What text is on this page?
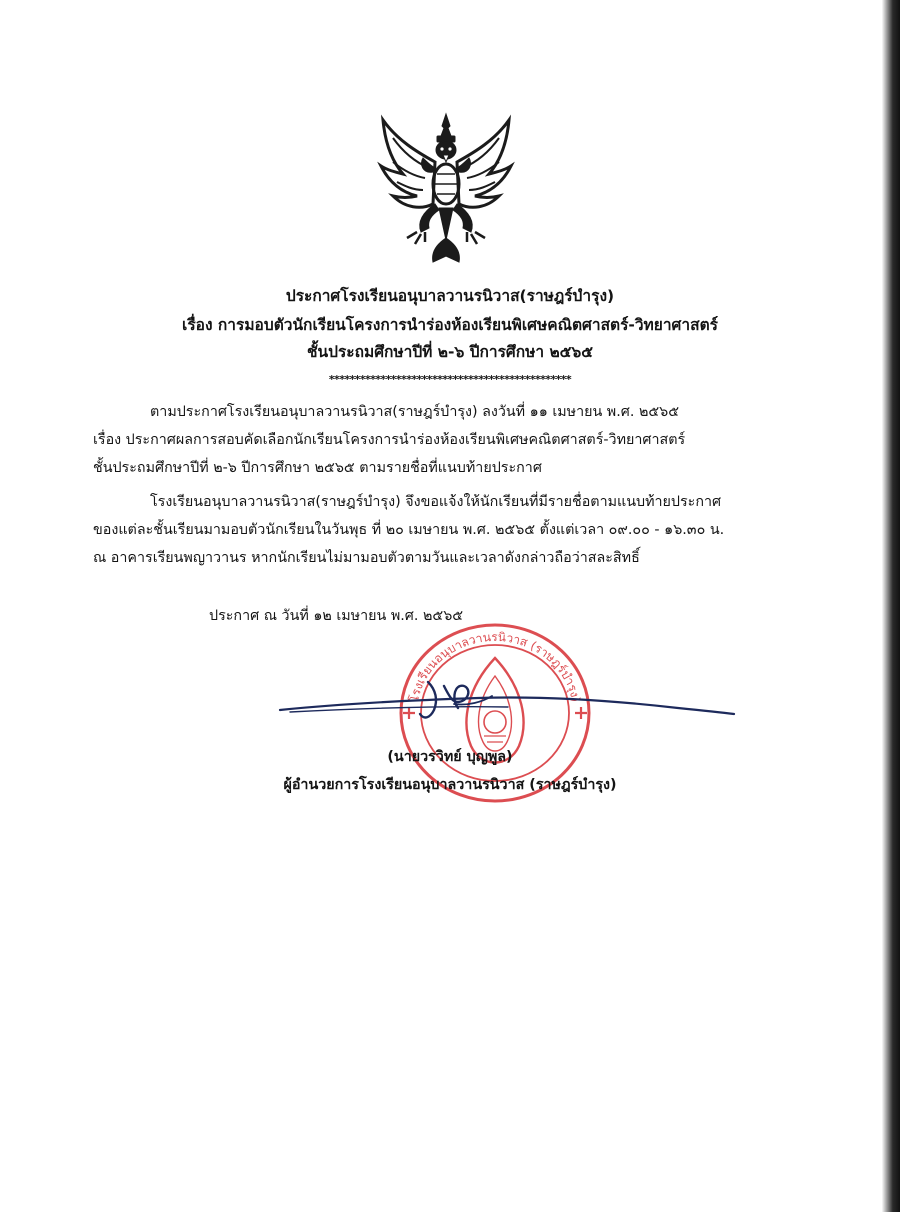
ประกาศโรงเรียนอนุบาลวานรนิวาส(ราษฎร์บำรุง)
เรื่อง การมอบตัวนักเรียนโครงการนำร่องห้องเรียนพิเศษคณิตศาสตร์-วิทยาศาสตร์
ชั้นประถมศึกษาปีที่ ๒-๖ ปีการศึกษา ๒๕๖๕
***********************************************
ตามประกาศโรงเรียนอนุบาลวานรนิวาส(ราษฎร์บำรุง) ลงวันที่ ๑๑ เมษายน พ.ศ. ๒๕๖๕
เรื่อง ประกาศผลการสอบคัดเลือกนักเรียนโครงการนำร่องห้องเรียนพิเศษคณิตศาสตร์-วิทยาศาสตร์
ชั้นประถมศึกษาปีที่ ๒-๖ ปีการศึกษา ๒๕๖๕ ตามรายชื่อที่แนบท้ายประกาศ
โรงเรียนอนุบาลวานรนิวาส(ราษฎร์บำรุง) จึงขอแจ้งให้นักเรียนที่มีรายชื่อตามแนบท้ายประกาศ
ของแต่ละชั้นเรียนมามอบตัวนักเรียนในวันพุธ ที่ ๒๐ เมษายน พ.ศ. ๒๕๖๕ ตั้งแต่เวลา ๐๙.๐๐ - ๑๖.๓๐ น.
ณ อาคารเรียนพญาวานร หากนักเรียนไม่มามอบตัวตามวันและเวลาดังกล่าวถือว่าสละสิทธิ์
ประกาศ ณ วันที่ ๑๒ เมษายน พ.ศ. ๒๕๖๕
โรงเรียนอนุบาลวานรนิวาส (ราษฎร์บำรุง)
(นายวรวิทย์ บุญพูล)
ผู้อำนวยการโรงเรียนอนุบาลวานรนิวาส (ราษฎร์บำรุง)
